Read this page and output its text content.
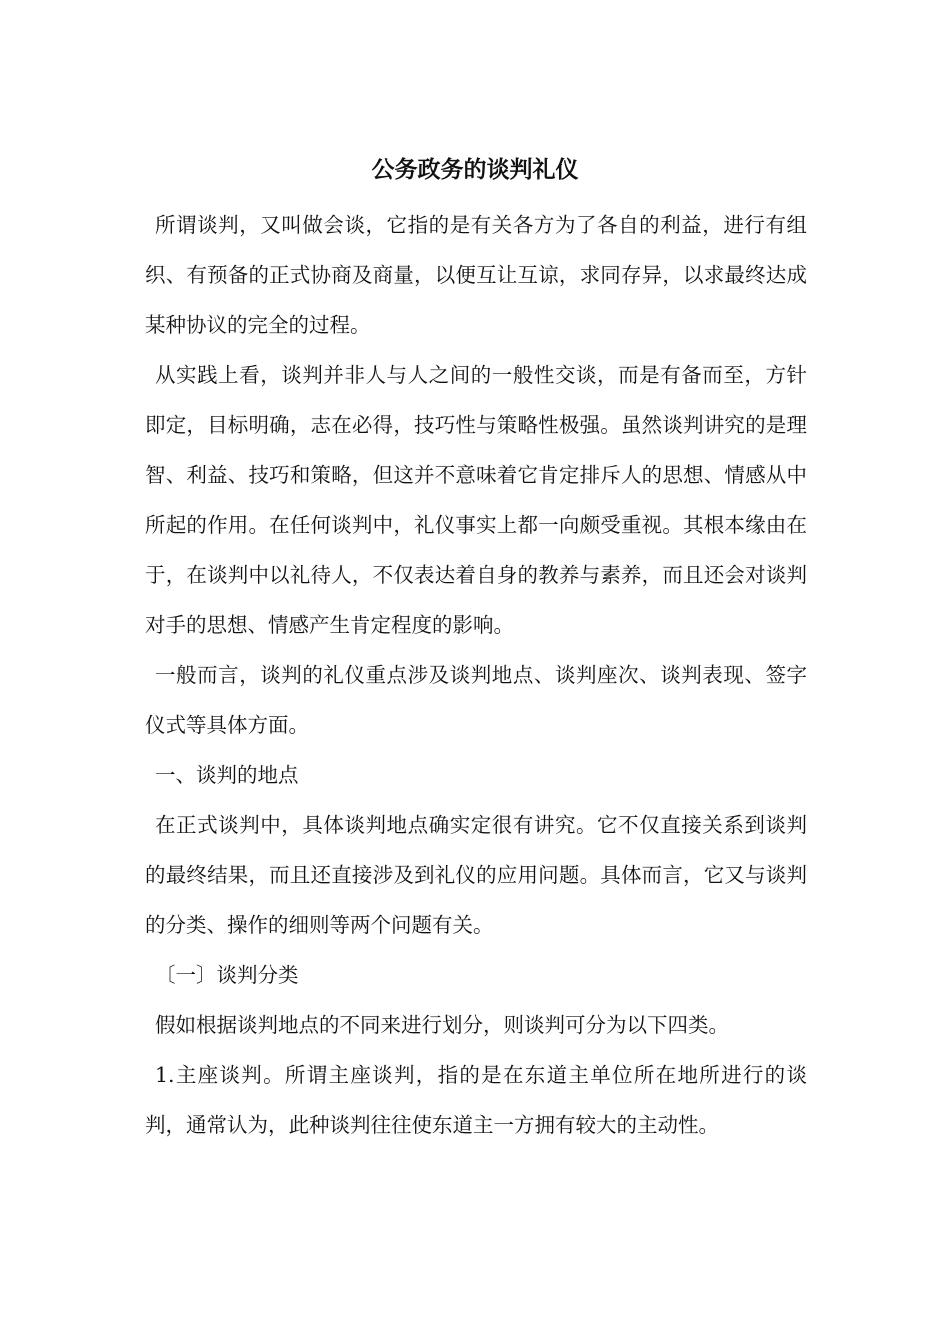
公务政务的谈判礼仪

所谓谈判，又叫做会谈，它指的是有关各方为了各自的利益，进行有组织、有预备的正式协商及商量，以便互让互谅，求同存异，以求最终达成某种协议的完全的过程。

从实践上看，谈判并非人与人之间的一般性交谈，而是有备而至，方针即定，目标明确，志在必得，技巧性与策略性极强。虽然谈判讲究的是理智、利益、技巧和策略，但这并不意味着它肯定排斥人的思想、情感从中所起的作用。在任何谈判中，礼仪事实上都一向颇受重视。其根本缘由在于，在谈判中以礼待人，不仅表达着自身的教养与素养，而且还会对谈判对手的思想、情感产生肯定程度的影响。

一般而言，谈判的礼仪重点涉及谈判地点、谈判座次、谈判表现、签字仪式等具体方面。

一、谈判的地点

在正式谈判中，具体谈判地点确实定很有讲究。它不仅直接关系到谈判的最终结果，而且还直接涉及到礼仪的应用问题。具体而言，它又与谈判的分类、操作的细则等两个问题有关。

〔一〕谈判分类

假如根据谈判地点的不同来进行划分，则谈判可分为以下四类。

1.主座谈判。所谓主座谈判，指的是在东道主单位所在地所进行的谈判，通常认为，此种谈判往往使东道主一方拥有较大的主动性。
